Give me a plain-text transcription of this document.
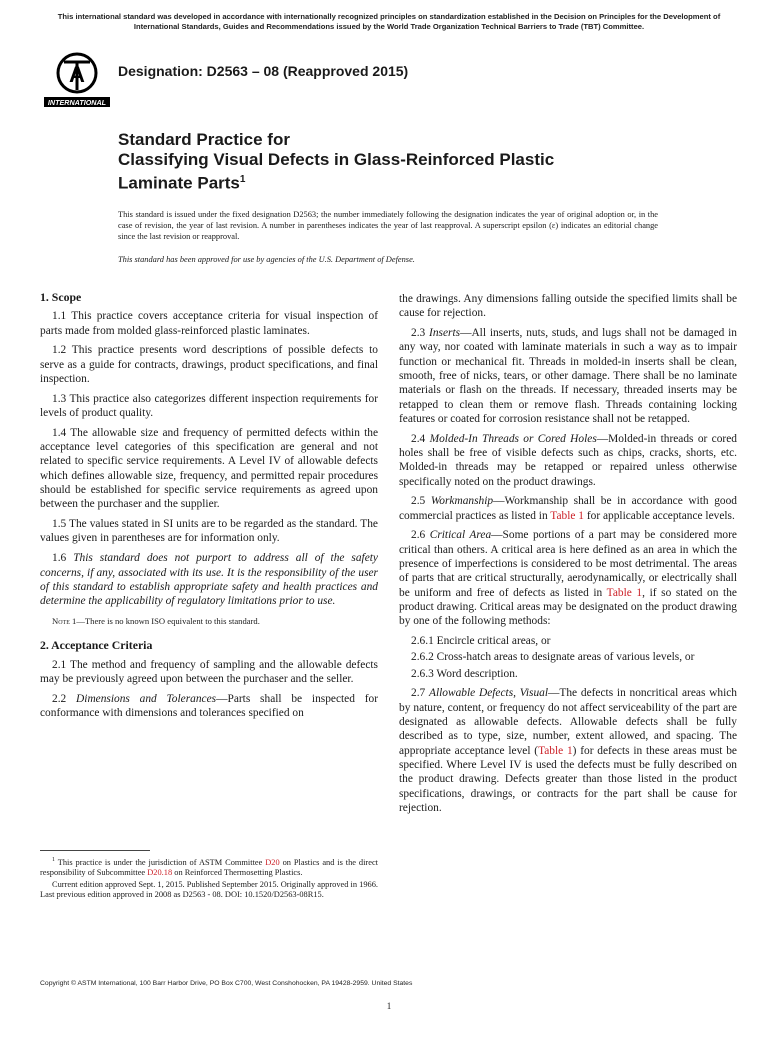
This international standard was developed in accordance with internationally recognized principles on standardization established in the Decision on Principles for the Development of International Standards, Guides and Recommendations issued by the World Trade Organization Technical Barriers to Trade (TBT) Committee.
A
INTERNATIONAL
Designation: D2563 – 08 (Reapproved 2015)
Standard Practice for
Classifying Visual Defects in Glass-Reinforced Plastic
Laminate Parts$^1$
This standard is issued under the fixed designation D2563; the number immediately following the designation indicates the year of original adoption or, in the case of revision, the year of last revision. A number in parentheses indicates the year of last reapproval. A superscript epsilon (ε) indicates an editorial change since the last revision or reapproval.
This standard has been approved for use by agencies of the U.S. Department of Defense.
1. Scope

1.1 This practice covers acceptance criteria for visual inspection of parts made from molded glass-reinforced plastic laminates.

1.2 This practice presents word descriptions of possible defects to serve as a guide for contracts, drawings, product specifications, and final inspection.

1.3 This practice also categorizes different inspection requirements for levels of product quality.

1.4 The allowable size and frequency of permitted defects within the acceptance level categories of this specification are general and not related to specific service requirements. A Level IV of allowable defects which defines allowable size, frequency, and permitted repair procedures should be established for specific service requirements as agreed upon between the purchaser and the supplier.

1.5 The values stated in SI units are to be regarded as the standard. The values given in parentheses are for information only.

1.6 This standard does not purport to address all of the safety concerns, if any, associated with its use. It is the responsibility of the user of this standard to establish appropriate safety and health practices and determine the applicability of regulatory limitations prior to use.

Note 1—There is no known ISO equivalent to this standard.
2. Acceptance Criteria

2.1 The method and frequency of sampling and the allowable defects may be previously agreed upon between the purchaser and the seller.

2.2 Dimensions and Tolerances—Parts shall be inspected for conformance with dimensions and tolerances specified on

the drawings. Any dimensions falling outside the specified limits shall be cause for rejection.

2.3 Inserts—All inserts, nuts, studs, and lugs shall not be damaged in any way, nor coated with laminate materials in such a way as to impair function or mechanical fit. Threads in molded-in inserts shall be clean, smooth, free of nicks, tears, or other damage. There shall be no laminate materials or flash on the threads. If necessary, threaded inserts may be retapped to clean them or remove flash. Threads containing locking features or coated for corrosion resistance shall not be retapped.

2.4 Molded-In Threads or Cored Holes—Molded-in threads or cored holes shall be free of visible defects such as chips, cracks, shorts, etc. Molded-in threads may be retapped or repaired unless otherwise specifically noted on the product drawings.

2.5 Workmanship—Workmanship shall be in accordance with good commercial practices as listed in Table 1 for applicable acceptance levels.

2.6 Critical Area—Some portions of a part may be considered more critical than others. A critical area is here defined as an area in which the presence of imperfections is considered to be most detrimental. The areas of parts that are critical structurally, aerodynamically, or electrically shall be uniform and free of defects as listed in Table 1, if so stated on the product drawing. Critical areas may be designated on the product drawing by one of the following methods:

2.6.1 Encircle critical areas, or

2.6.2 Cross-hatch areas to designate areas of various levels, or

2.6.3 Word description.

2.7 Allowable Defects, Visual—The defects in noncritical areas which by nature, content, or frequency do not affect serviceability of the part are designated as allowable defects. Allowable defects shall be fully described as to type, size, number, extent allowed, and spacing. The appropriate acceptance level (Table 1) for defects in these areas must be specified. Where Level IV is used the defects must be fully described on the product drawing. Defects greater than those listed in the product specifications, drawings, or contracts for the part shall be cause for rejection.

$^1$ This practice is under the jurisdiction of ASTM Committee D20 on Plastics and is the direct responsibility of Subcommittee D20.18 on Reinforced Thermosetting Plastics.

Current edition approved Sept. 1, 2015. Published September 2015. Originally approved in 1966. Last previous edition approved in 2008 as D2563 - 08. DOI: 10.1520/D2563-08R15.

Copyright © ASTM International, 100 Barr Harbor Drive, PO Box C700, West Conshohocken, PA 19428-2959. United States
1
